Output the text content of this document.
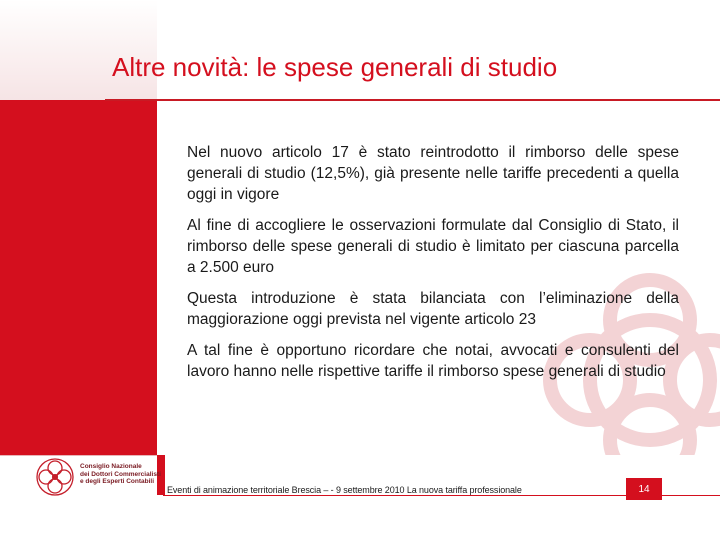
Altre novità: le spese generali di studio

Nel nuovo articolo 17 è stato reintrodotto il rimborso delle spese generali di studio (12,5%), già presente nelle tariffe precedenti a quella oggi in vigore

Al fine di accogliere le osservazioni formulate dal Consiglio di Stato, il rimborso delle spese generali di studio è limitato per ciascuna parcella a 2.500 euro

Questa introduzione è stata bilanciata con l’eliminazione della maggiorazione oggi prevista nel vigente articolo 23

A tal fine è opportuno ricordare che notai, avvocati e consulenti del lavoro hanno nelle rispettive tariffe il rimborso spese generali di studio

Consiglio Nazionale
dei Dottori Commercialisti
e degli Esperti Contabili
Eventi di animazione territoriale Brescia – - 9 settembre 2010 La nuova tariffa professionale	14
